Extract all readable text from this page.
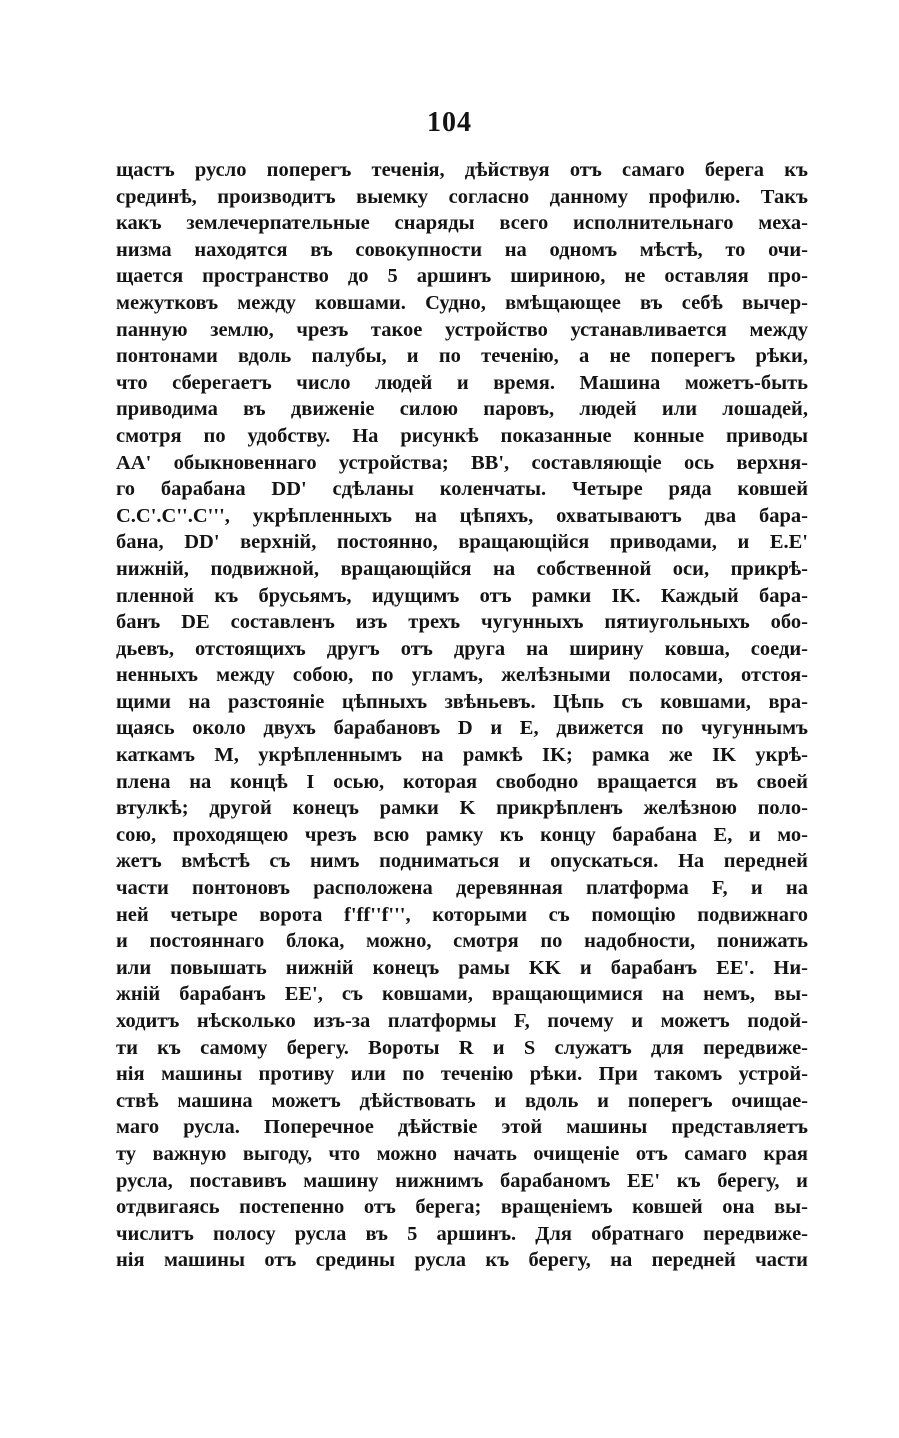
104
щастъ русло поперегъ теченія, дѣйствуя отъ самаго берега къ
срединѣ, производитъ выемку согласно данному профилю. Такъ
какъ землечерпательные снаряды всего исполнительнаго меха-
низма находятся въ совокупности на одномъ мѣстѣ, то очи-
щается пространство до 5 аршинъ шириною, не оставляя про-
межутковъ между ковшами. Судно, вмѣщающее въ себѣ вычер-
панную землю, чрезъ такое устройство устанавливается между
понтонами вдоль палубы, и по теченію, а не поперегъ рѣки,
что сберегаетъ число людей и время. Машина можетъ-быть
приводима въ движеніе силою паровъ, людей или лошадей,
смотря по удобству. На рисункѣ показанные конные приводы
AA' обыкновеннаго устройства; BB', составляющіе ось верхня-
го барабана DD' сдѣланы коленчаты. Четыре ряда ковшей
C.C'.C''.C''', укрѣпленныхъ на цѣпяхъ, охватываютъ два бара-
бана, DD' верхній, постоянно, вращающійся приводами, и E.E'
нижній, подвижной, вращающійся на собственной оси, прикрѣ-
пленной къ брусьямъ, идущимъ отъ рамки IK. Каждый бара-
банъ DE составленъ изъ трехъ чугунныхъ пятиугольныхъ обо-
дьевъ, отстоящихъ другъ отъ друга на ширину ковша, соеди-
ненныхъ между собою, по угламъ, желѣзными полосами, отстоя-
щими на разстояніе цѣпныхъ звѣньевъ. Цѣпь съ ковшами, вра-
щаясь около двухъ барабановъ D и E, движется по чугуннымъ
каткамъ M, укрѣпленнымъ на рамкѣ IK; рамка же IK укрѣ-
плена на концѣ I осью, которая свободно вращается въ своей
втулкѣ; другой конецъ рамки K прикрѣпленъ желѣзною поло-
сою, проходящею чрезъ всю рамку къ концу барабана E, и мо-
жетъ вмѣстѣ съ нимъ подниматься и опускаться. На передней
части понтоновъ расположена деревянная платформа F, и на
ней четыре ворота f'ff''f''', которыми съ помощію подвижнаго
и постояннаго блока, можно, смотря по надобности, понижать
или повышать нижній конецъ рамы KK и барабанъ EE'. Ни-
жній барабанъ EE', съ ковшами, вращающимися на немъ, вы-
ходитъ нѣсколько изъ-за платформы F, почему и можетъ подой-
ти къ самому берегу. Вороты R и S служатъ для передвиже-
нія машины противу или по теченію рѣки. При такомъ устрой-
ствѣ машина можетъ дѣйствовать и вдоль и поперегъ очищае-
маго русла. Поперечное дѣйствіе этой машины представляетъ
ту важную выгоду, что можно начать очищеніе отъ самаго края
русла, поставивъ машину нижнимъ барабаномъ EE' къ берегу, и
отдвигаясь постепенно отъ берега; вращеніемъ ковшей она вы-
числитъ полосу русла въ 5 аршинъ. Для обратнаго передвиже-
нія машины отъ средины русла къ берегу, на передней части
